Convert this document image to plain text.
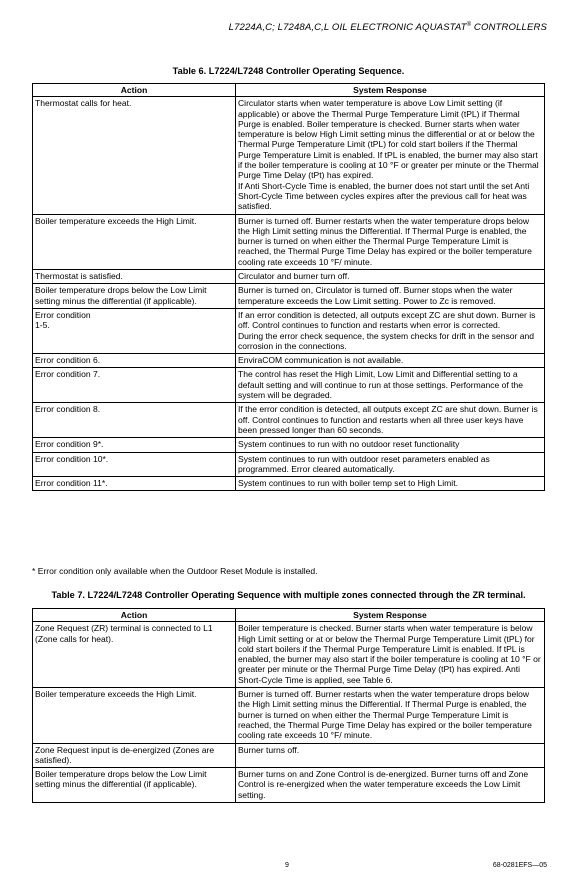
L7224A,C; L7248A,C,L OIL ELECTRONIC AQUASTAT® CONTROLLERS
Table 6. L7224/L7248 Controller Operating Sequence.
Action	System Response
Thermostat calls for heat.	Circulator starts when water temperature is above Low Limit setting (if applicable) or above the Thermal Purge Temperature Limit (tPL) if Thermal Purge is enabled. Boiler temperature is checked. Burner starts when water temperature is below High Limit setting minus the differential or at or below the Thermal Purge Temperature Limit (tPL) for cold start boilers if the Thermal Purge Temperature Limit is enabled. If tPL is enabled, the burner may also start if the boiler temperature is cooling at 10 °F or greater per minute or the Thermal Purge Time Delay (tPt) has expired.
If Anti Short-Cycle Time is enabled, the burner does not start until the set Anti Short-Cycle Time between cycles expires after the previous call for heat was satisfied.
Boiler temperature exceeds the High Limit.	Burner is turned off. Burner restarts when the water temperature drops below the High Limit setting minus the Differential. If Thermal Purge is enabled, the burner is turned on when either the Thermal Purge Temperature Limit is reached, the Thermal Purge Time Delay has expired or the boiler temperature cooling rate exceeds 10 °F/ minute.
Thermostat is satisfied.	Circulator and burner turn off.
Boiler temperature drops below the Low Limit setting minus the differential (if applicable).	Burner is turned on, Circulator is turned off. Burner stops when the water temperature exceeds the Low Limit setting. Power to Zc is removed.
Error condition
1-5.	If an error condition is detected, all outputs except ZC are shut down. Burner is off. Control continues to function and restarts when error is corrected.
During the error check sequence, the system checks for drift in the sensor and corrosion in the connections.
Error condition 6.	EnviraCOM communication is not available.
Error condition 7.	The control has reset the High Limit, Low Limit and Differential setting to a default setting and will continue to run at those settings. Performance of the system will be degraded.
Error condition 8.	If the error condition is detected, all outputs except ZC are shut down. Burner is off. Control continues to function and restarts when all three user keys have been pressed longer than 60 seconds.
Error condition 9*.	System continues to run with no outdoor reset functionality
Error condition 10*.	System continues to run with outdoor reset parameters enabled as programmed. Error cleared automatically.
Error condition 11*.	System continues to run with boiler temp set to High Limit.
* Error condition only available when the Outdoor Reset Module is installed.
Table 7. L7224/L7248 Controller Operating Sequence with multiple zones connected through the ZR terminal.
Action	System Response
Zone Request (ZR) terminal is connected to L1 (Zone calls for heat).	Boiler temperature is checked. Burner starts when water temperature is below High Limit setting or at or below the Thermal Purge Temperature Limit (tPL) for cold start boilers if the Thermal Purge Temperature Limit is enabled. If tPL is enabled, the burner may also start if the boiler temperature is cooling at 10 °F or greater per minute or the Thermal Purge Time Delay (tPt) has expired. Anti Short-Cycle Time is applied, see Table 6.
Boiler temperature exceeds the High Limit.	Burner is turned off. Burner restarts when the water temperature drops below the High Limit setting minus the Differential. If Thermal Purge is enabled, the burner is turned on when either the Thermal Purge Temperature Limit is reached, the Thermal Purge Time Delay has expired or the boiler temperature cooling rate exceeds 10 °F/ minute.
Zone Request input is de-energized (Zones are satisfied).	Burner turns off.
Boiler temperature drops below the Low Limit setting minus the differential (if applicable).	Burner turns on and Zone Control is de-energized. Burner turns off and Zone Control is re-energized when the water temperature exceeds the Low Limit setting.
9	68-0281EFS—05
